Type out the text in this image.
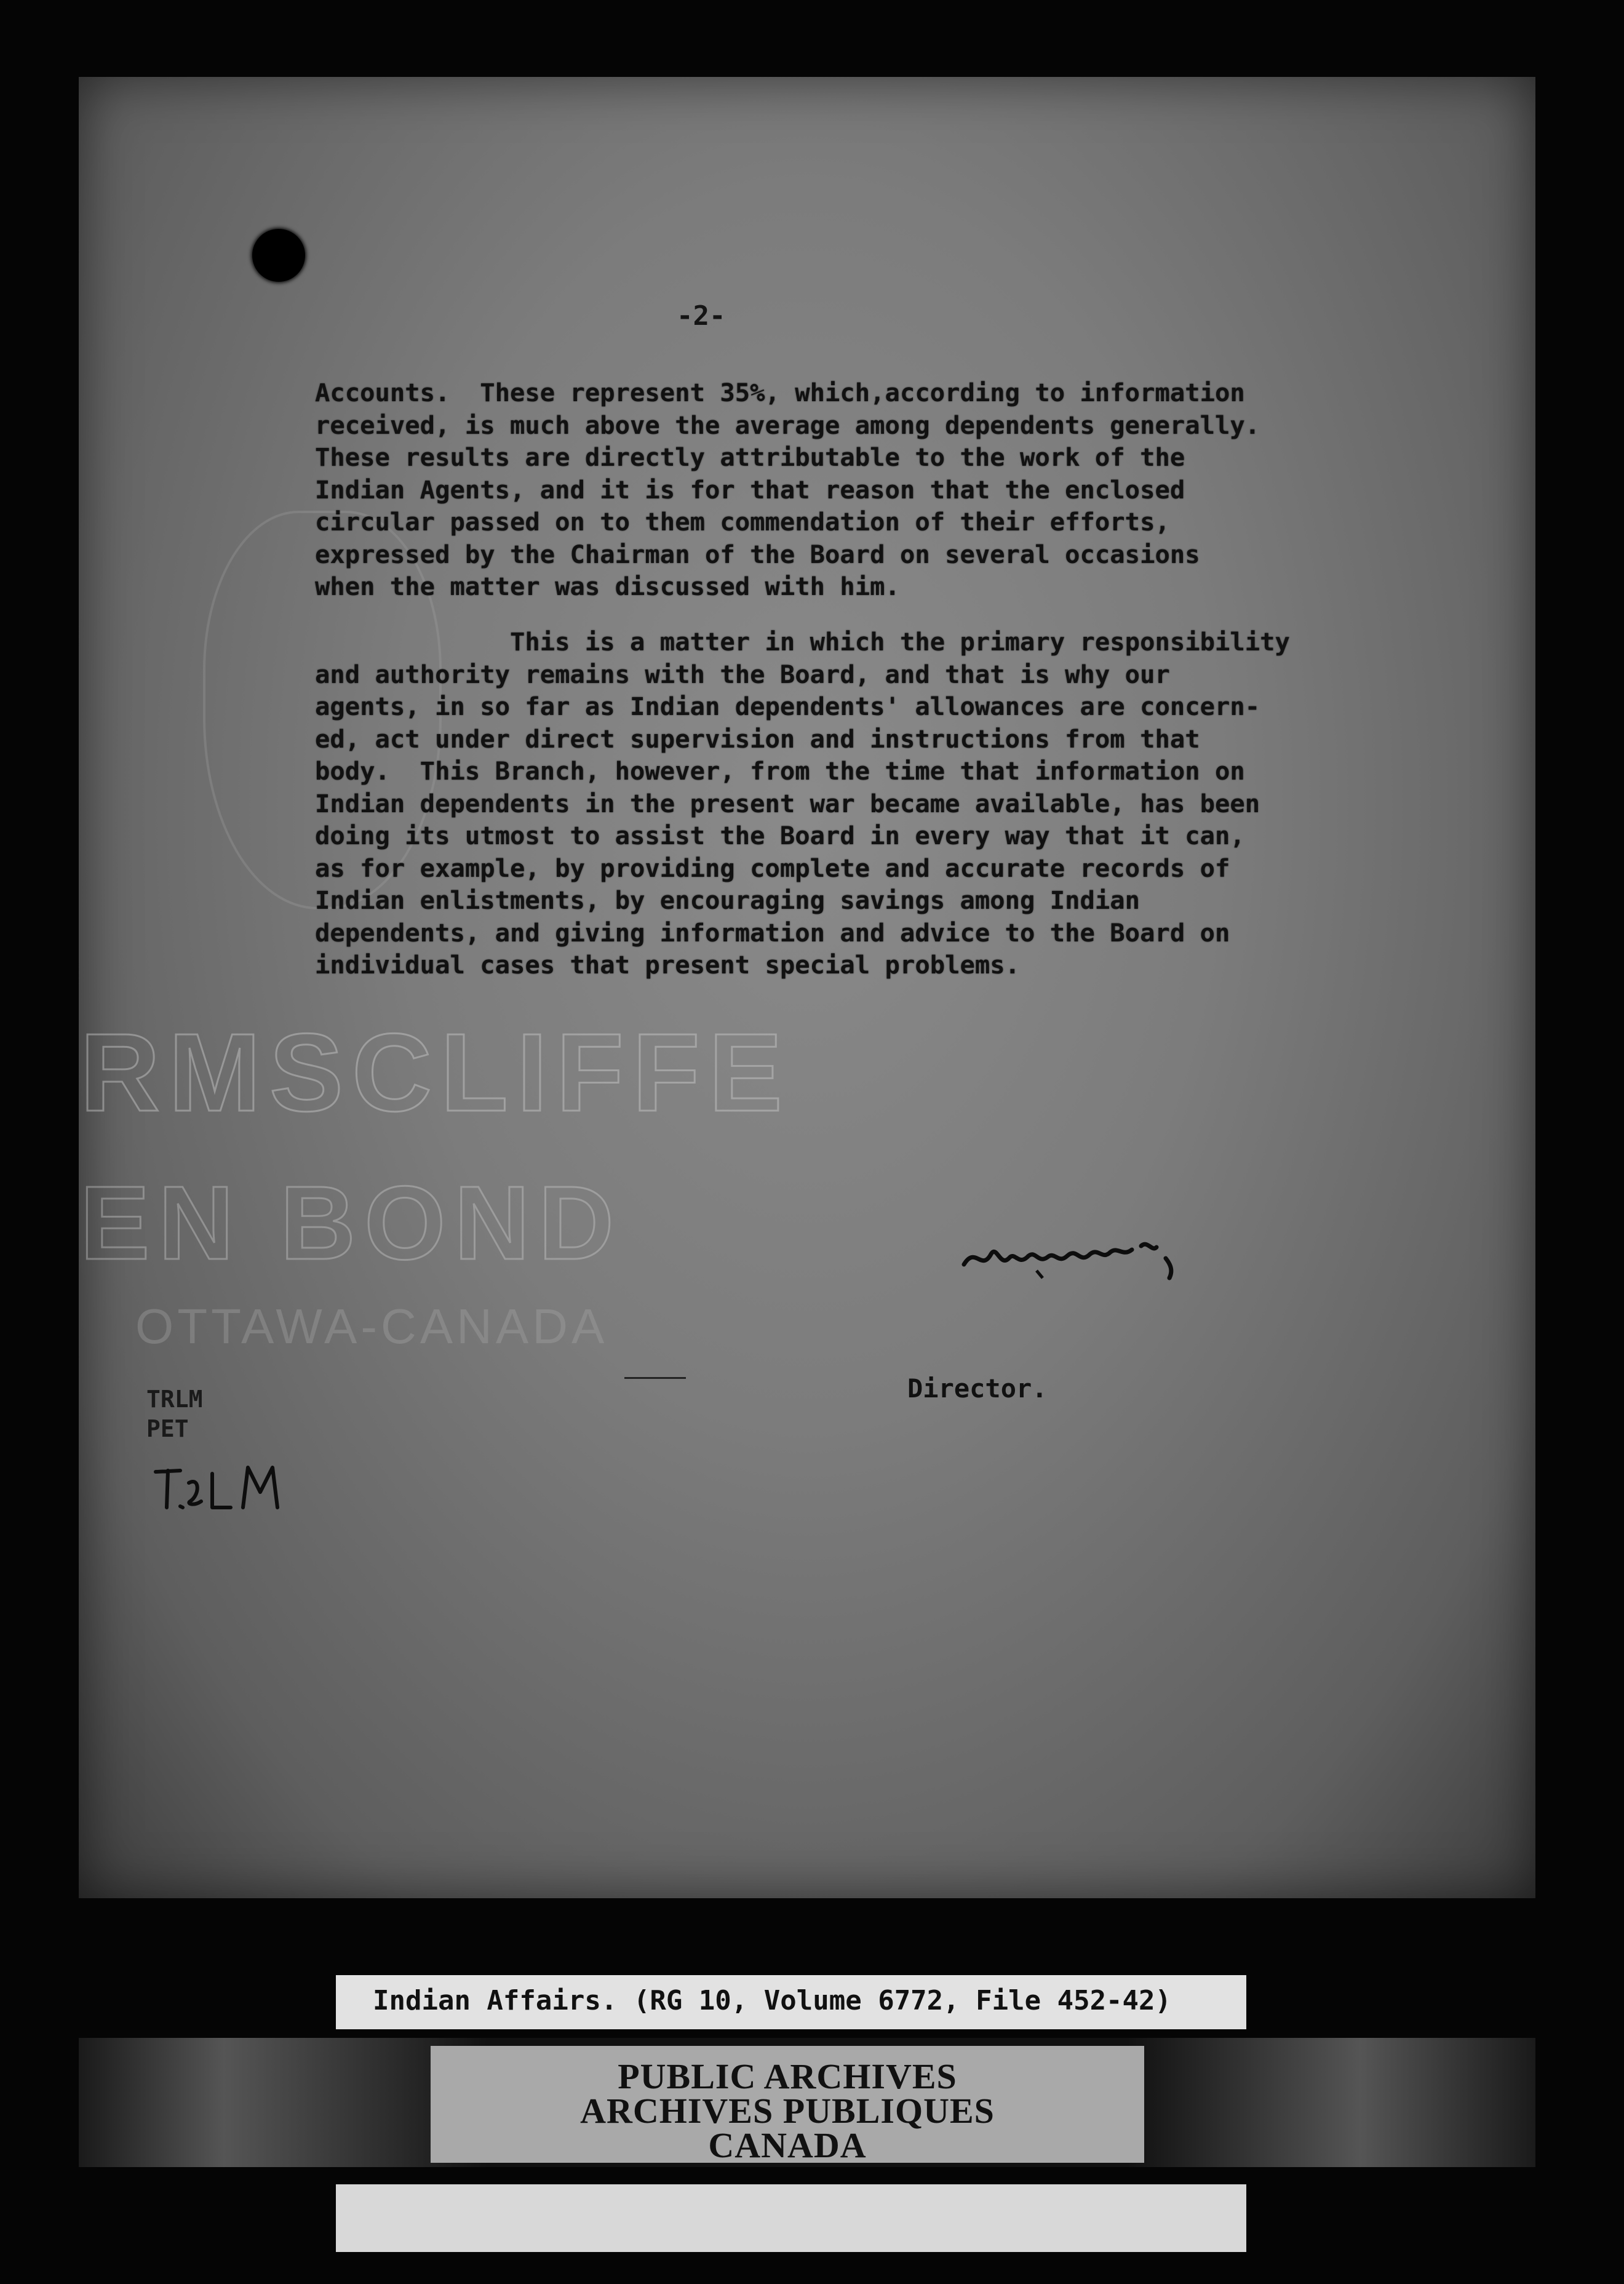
RMSCLIFFE
EN BOND
OTTAWA-CANADA
-2-
Accounts.  These represent 35%, which,according to information
received, is much above the average among dependents generally.
These results are directly attributable to the work of the
Indian Agents, and it is for that reason that the enclosed
circular passed on to them commendation of their efforts,
expressed by the Chairman of the Board on several occasions
when the matter was discussed with him.
This is a matter in which the primary responsibility
and authority remains with the Board, and that is why our
agents, in so far as Indian dependents' allowances are concern-
ed, act under direct supervision and instructions from that
body.  This Branch, however, from the time that information on
Indian dependents in the present war became available, has been
doing its utmost to assist the Board in every way that it can,
as for example, by providing complete and accurate records of
Indian enlistments, by encouraging savings among Indian
dependents, and giving information and advice to the Board on
individual cases that present special problems.
Director.
TRLM
PET
Indian Affairs. (RG 10, Volume 6772, File 452-42)
PUBLIC ARCHIVES
ARCHIVES PUBLIQUES
CANADA
